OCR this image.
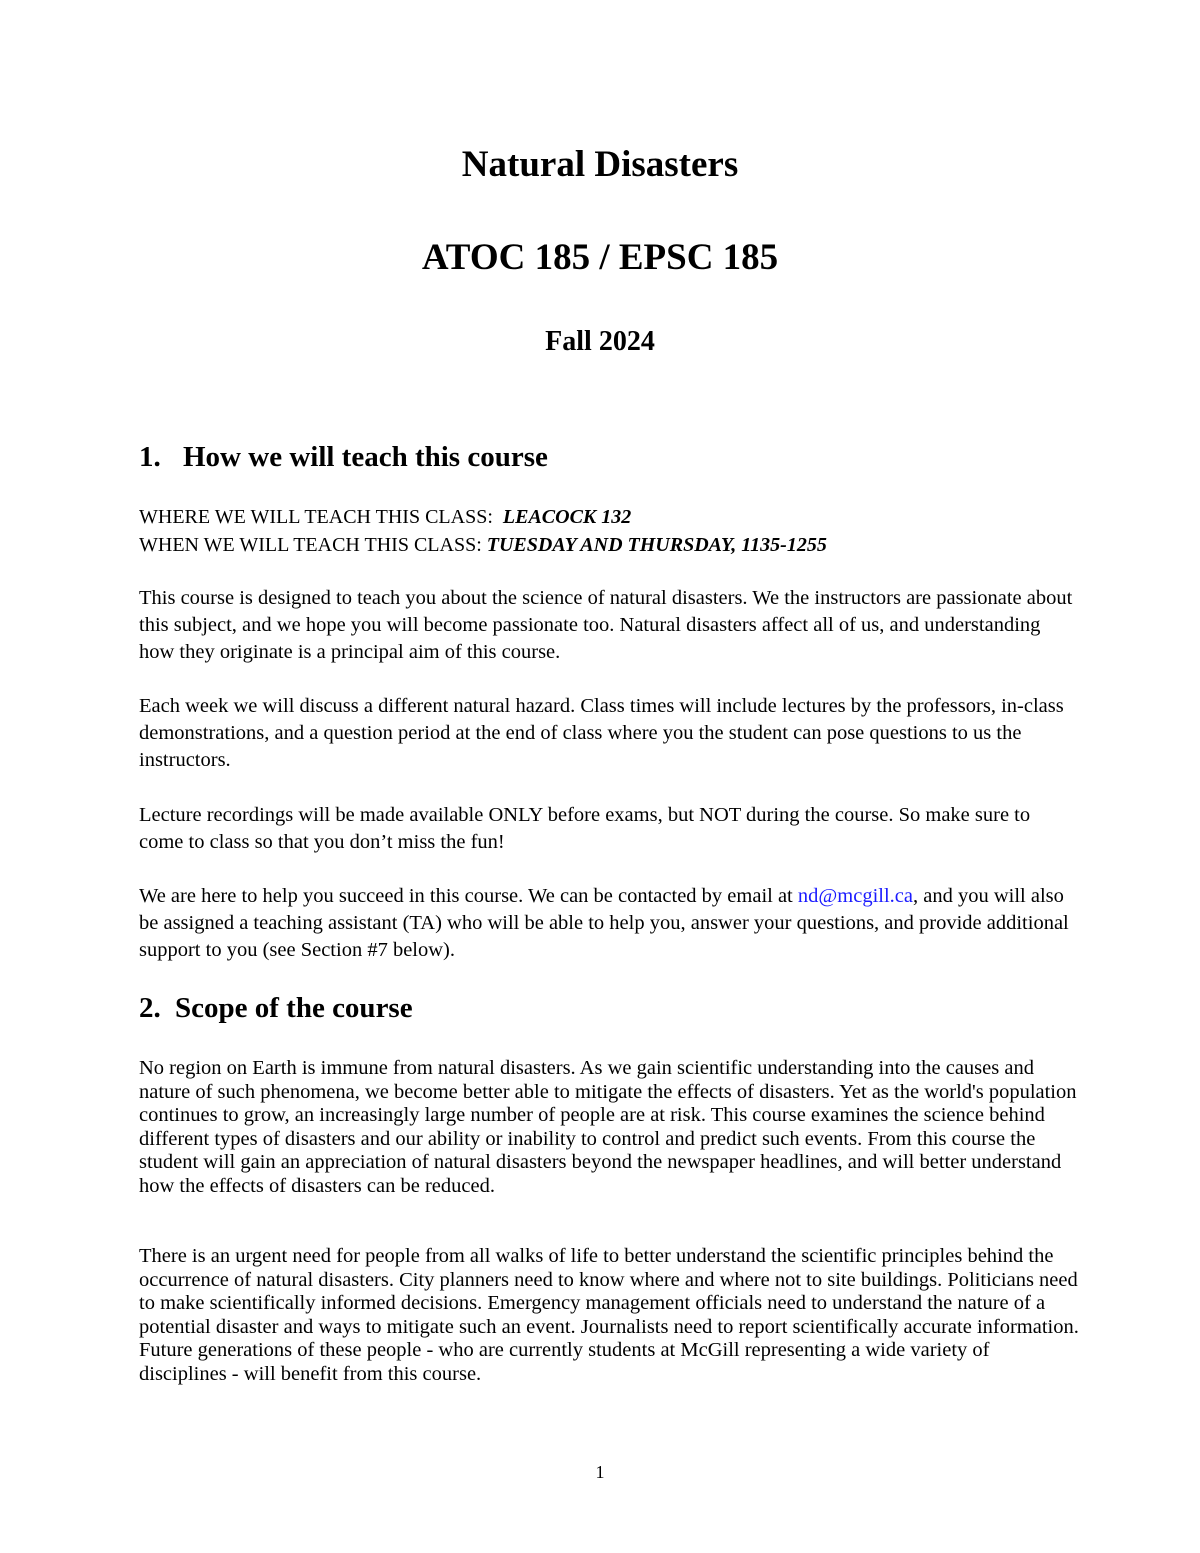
Natural Disasters
ATOC 185 / EPSC 185
Fall 2024
1. How we will teach this course
WHERE WE WILL TEACH THIS CLASS: LEACOCK 132
WHEN WE WILL TEACH THIS CLASS: TUESDAY AND THURSDAY, 1135-1255

This course is designed to teach you about the science of natural disasters. We the instructors are passionate about this subject, and we hope you will become passionate too. Natural disasters affect all of us, and understanding how they originate is a principal aim of this course.

Each week we will discuss a different natural hazard. Class times will include lectures by the professors, in-class demonstrations, and a question period at the end of class where you the student can pose questions to us the instructors.

Lecture recordings will be made available ONLY before exams, but NOT during the course. So make sure to come to class so that you don’t miss the fun!

We are here to help you succeed in this course. We can be contacted by email at nd@mcgill.ca, and you will also be assigned a teaching assistant (TA) who will be able to help you, answer your questions, and provide additional support to you (see Section #7 below).

2. Scope of the course

No region on Earth is immune from natural disasters. As we gain scientific understanding into the causes and nature of such phenomena, we become better able to mitigate the effects of disasters. Yet as the world's population continues to grow, an increasingly large number of people are at risk. This course examines the science behind different types of disasters and our ability or inability to control and predict such events. From this course the student will gain an appreciation of natural disasters beyond the newspaper headlines, and will better understand how the effects of disasters can be reduced.

There is an urgent need for people from all walks of life to better understand the scientific principles behind the occurrence of natural disasters. City planners need to know where and where not to site buildings. Politicians need to make scientifically informed decisions. Emergency management officials need to understand the nature of a potential disaster and ways to mitigate such an event. Journalists need to report scientifically accurate information. Future generations of these people - who are currently students at McGill representing a wide variety of disciplines - will benefit from this course.

1
